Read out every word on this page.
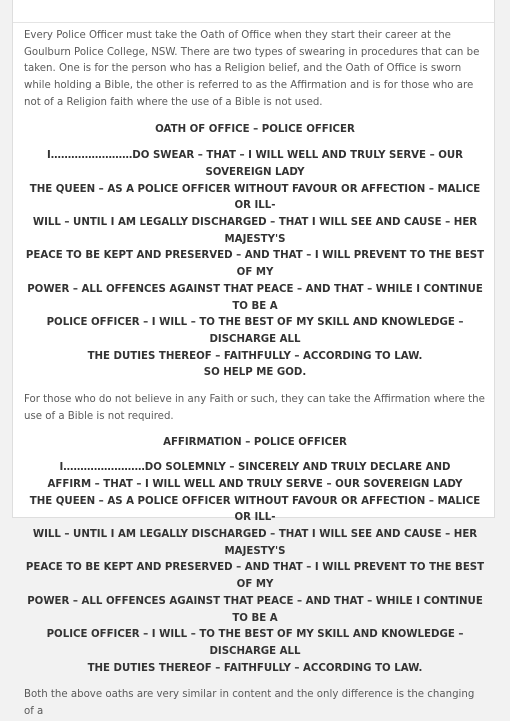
Every Police Officer must take the Oath of Office when they start their career at the Goulburn Police College, NSW. There are two types of swearing in procedures that can be taken. One is for the person who has a Religion belief, and the Oath of Office is sworn while holding a Bible, the other is referred to as the Affirmation and is for those who are not of a Religion faith where the use of a Bible is not used.

OATH OF OFFICE – POLICE OFFICER

I……………………DO SWEAR – THAT – I WILL WELL AND TRULY SERVE – OUR SOVEREIGN LADY
THE QUEEN – AS A POLICE OFFICER WITHOUT FAVOUR OR AFFECTION – MALICE OR ILL-
WILL – UNTIL I AM LEGALLY DISCHARGED – THAT I WILL SEE AND CAUSE – HER MAJESTY'S
PEACE TO BE KEPT AND PRESERVED – AND THAT – I WILL PREVENT TO THE BEST OF MY
POWER – ALL OFFENCES AGAINST THAT PEACE – AND THAT – WHILE I CONTINUE TO BE A
POLICE OFFICER – I WILL – TO THE BEST OF MY SKILL AND KNOWLEDGE – DISCHARGE ALL
THE DUTIES THEREOF – FAITHFULLY – ACCORDING TO LAW.
SO HELP ME GOD.

For those who do not believe in any Faith or such, they can take the Affirmation where the use of a Bible is not required.

AFFIRMATION – POLICE OFFICER

I……………………DO SOLEMNLY – SINCERELY AND TRULY DECLARE AND
AFFIRM – THAT – I WILL WELL AND TRULY SERVE – OUR SOVEREIGN LADY
THE QUEEN – AS A POLICE OFFICER WITHOUT FAVOUR OR AFFECTION – MALICE OR ILL-
WILL – UNTIL I AM LEGALLY DISCHARGED – THAT I WILL SEE AND CAUSE – HER MAJESTY'S
PEACE TO BE KEPT AND PRESERVED – AND THAT – I WILL PREVENT TO THE BEST OF MY
POWER – ALL OFFENCES AGAINST THAT PEACE – AND THAT – WHILE I CONTINUE TO BE A
POLICE OFFICER – I WILL – TO THE BEST OF MY SKILL AND KNOWLEDGE – DISCHARGE ALL
THE DUTIES THEREOF – FAITHFULLY – ACCORDING TO LAW.

Both the above oaths are very similar in content and the only difference is the changing of a
